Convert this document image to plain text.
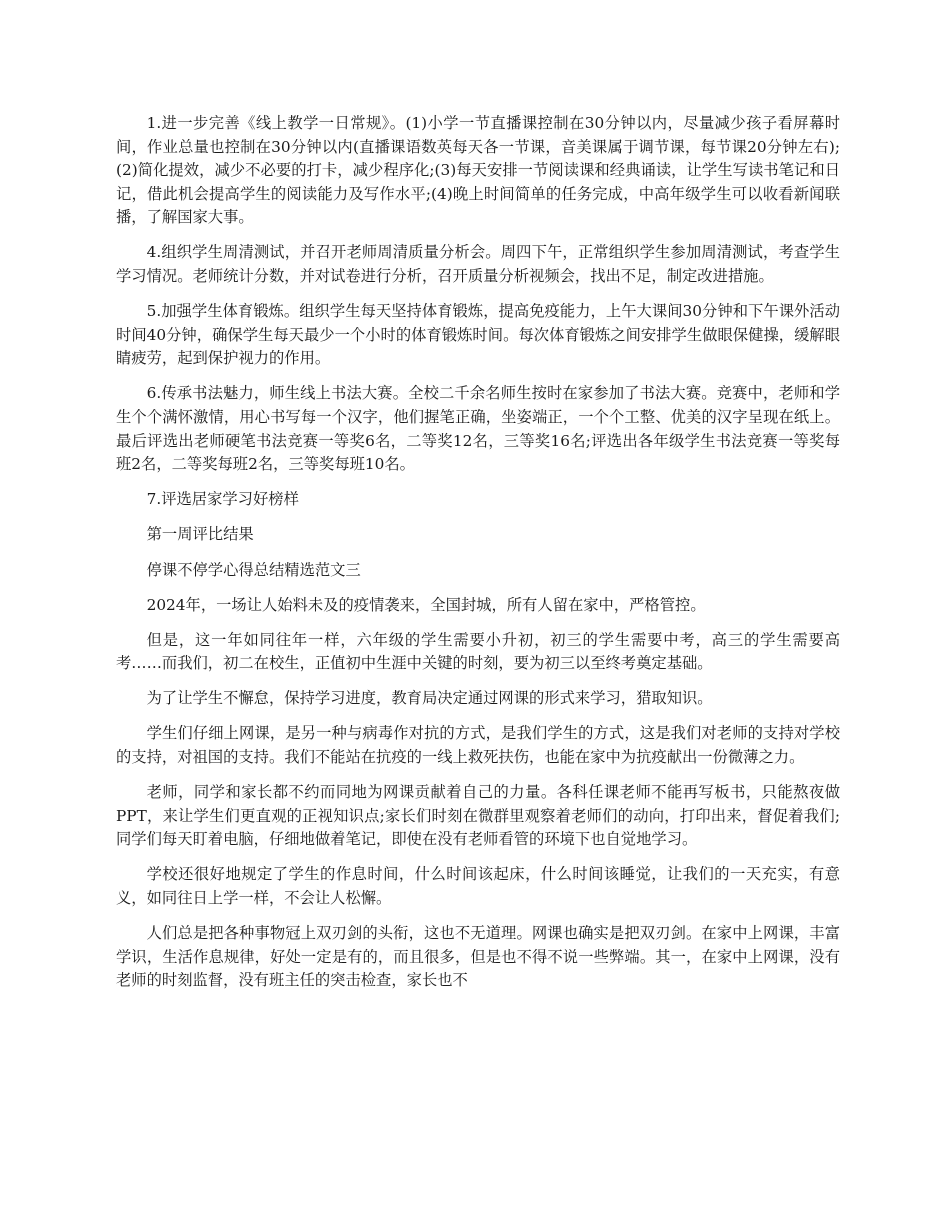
1.进一步完善《线上教学一日常规》。(1)小学一节直播课控制在30分钟以内，尽量减少孩子看屏幕时间，作业总量也控制在30分钟以内(直播课语数英每天各一节课，音美课属于调节课，每节课20分钟左右);(2)简化提效，减少不必要的打卡，减少程序化;(3)每天安排一节阅读课和经典诵读，让学生写读书笔记和日记，借此机会提高学生的阅读能力及写作水平;(4)晚上时间简单的任务完成，中高年级学生可以收看新闻联播，了解国家大事。

4.组织学生周清测试，并召开老师周清质量分析会。周四下午，正常组织学生参加周清测试，考查学生学习情况。老师统计分数，并对试卷进行分析，召开质量分析视频会，找出不足，制定改进措施。

5.加强学生体育锻炼。组织学生每天坚持体育锻炼，提高免疫能力，上午大课间30分钟和下午课外活动时间40分钟，确保学生每天最少一个小时的体育锻炼时间。每次体育锻炼之间安排学生做眼保健操，缓解眼睛疲劳，起到保护视力的作用。

6.传承书法魅力，师生线上书法大赛。全校二千余名师生按时在家参加了书法大赛。竞赛中，老师和学生个个满怀激情，用心书写每一个汉字，他们握笔正确，坐姿端正，一个个工整、优美的汉字呈现在纸上。最后评选出老师硬笔书法竞赛一等奖6名，二等奖12名，三等奖16名;评选出各年级学生书法竞赛一等奖每班2名，二等奖每班2名，三等奖每班10名。

7.评选居家学习好榜样

第一周评比结果

停课不停学心得总结精选范文三

2024年，一场让人始料未及的疫情袭来，全国封城，所有人留在家中，严格管控。

但是，这一年如同往年一样，六年级的学生需要小升初，初三的学生需要中考，高三的学生需要高考……而我们，初二在校生，正值初中生涯中关键的时刻，要为初三以至终考奠定基础。

为了让学生不懈怠，保持学习进度，教育局决定通过网课的形式来学习，猎取知识。

学生们仔细上网课，是另一种与病毒作对抗的方式，是我们学生的方式，这是我们对老师的支持对学校的支持，对祖国的支持。我们不能站在抗疫的一线上救死扶伤，也能在家中为抗疫献出一份微薄之力。

老师，同学和家长都不约而同地为网课贡献着自己的力量。各科任课老师不能再写板书，只能熬夜做PPT，来让学生们更直观的正视知识点;家长们时刻在微群里观察着老师们的动向，打印出来，督促着我们;同学们每天盯着电脑，仔细地做着笔记，即使在没有老师看管的环境下也自觉地学习。

学校还很好地规定了学生的作息时间，什么时间该起床，什么时间该睡觉，让我们的一天充实，有意义，如同往日上学一样，不会让人松懈。

人们总是把各种事物冠上双刃剑的头衔，这也不无道理。网课也确实是把双刃剑。在家中上网课，丰富学识，生活作息规律，好处一定是有的，而且很多，但是也不得不说一些弊端。其一，在家中上网课，没有老师的时刻监督，没有班主任的突击检查，家长也不
